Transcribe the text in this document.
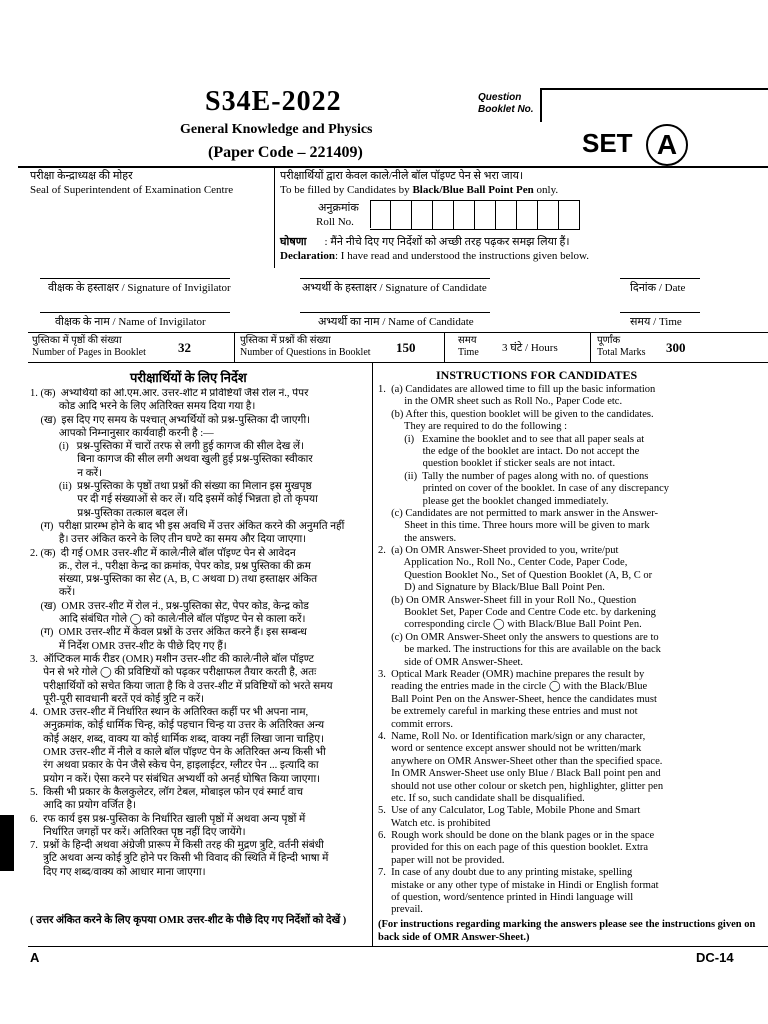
S34E-2022
General Knowledge and Physics
(Paper Code – 221409)
Question
Booklet No.
SET A
परीक्षा केन्द्राध्यक्ष की मोहर
Seal of Superintendent of Examination Centre
परीक्षार्थियों द्वारा केवल काले/नीले बॉल पॉइण्ट पेन से भरा जाय।
To be filled by Candidates by Black/Blue Ball Point Pen only.
अनुक्रमांक
Roll No.
घोषणा : मैंने नीचे दिए गए निर्देशों को अच्छी तरह पढ़कर समझ लिया हैं।
Declaration: I have read and understood the instructions given below.
वीक्षक के हस्ताक्षर / Signature of Invigilator	अभ्यर्थी के हस्ताक्षर / Signature of Candidate	दिनांक / Date
वीक्षक के नाम / Name of Invigilator	अभ्यर्थी का नाम / Name of Candidate	समय / Time
पुस्तिका में पृष्ठों की संख्या
Number of Pages in Booklet 32	पुस्तिका में प्रश्नों की संख्या
Number of Questions in Booklet 150	समय
Time 3 घंटे / Hours
पूर्णांक
Total Marks 300
परीक्षार्थियों के लिए निर्देश
1. (क)  अभ्यर्थियों को ओ.एम.आर. उत्तर-शीट में प्रविष्टियाँ जैसे रोल नं., पेपर
कोड आदि भरने के लिए अतिरिक्त समय दिया गया है।
(ख)  इस दिए गए समय के पश्चात् अभ्यर्थियों को प्रश्न-पुस्तिका दी जाएगी।
आपको निम्नानुसार कार्यवाही करनी है :—
(i)   प्रश्न-पुस्तिका में चारों तरफ से लगी हुई कागज की सील देख लें।
बिना कागज की सील लगी अथवा खुली हुई प्रश्न-पुस्तिका स्वीकार
न करें।
(ii)  प्रश्न-पुस्तिका के पृष्ठों तथा प्रश्नों की संख्या का मिलान इस मुखपृष्ठ
पर दी गई संख्याओं से कर लें। यदि इसमें कोई भिन्नता हो तो कृपया
प्रश्न-पुस्तिका तत्काल बदल लें।
(ग)  परीक्षा प्रारम्भ होने के बाद भी इस अवधि में उत्तर अंकित करने की अनुमति नहीं
है। उत्तर अंकित करने के लिए तीन घण्टे का समय और दिया जाएगा।
2. (क)  दी गई OMR उत्तर-शीट में काले/नीले बॉल पॉइण्ट पेन से आवेदन
क्र., रोल नं., परीक्षा केन्द्र का क्रमांक, पेपर कोड, प्रश्न पुस्तिका की क्रम
संख्या, प्रश्न-पुस्तिका का सेट (A, B, C अथवा D) तथा हस्ताक्षर अंकित
करें।
(ख)  OMR उत्तर-शीट में रोल नं., प्रश्न-पुस्तिका सेट, पेपर कोड, केन्द्र कोड
आदि संबंधित गोले ◯ को काले/नीले बॉल पॉइण्ट पेन से काला करें।
(ग)  OMR उत्तर-शीट में केवल प्रश्नों के उत्तर अंकित करने हैं। इस सम्बन्ध
में निर्देश OMR उत्तर-शीट के पीछे दिए गए हैं।
3.  ऑप्टिकल मार्क रीडर (OMR) मशीन उत्तर-शीट की काले/नीले बॉल पॉइण्ट
पेन से भरे गोले ◯ की प्रविष्टियों को पढ़कर परीक्षाफल तैयार करती है, अतः
परीक्षार्थियों को सचेत किया जाता है कि वे उत्तर-शीट में प्रविष्टियों को भरते समय
पूरी-पूरी सावधानी बरतें एवं कोई त्रुटि न करें।
4.  OMR उत्तर-शीट में निर्धारित स्थान के अतिरिक्त कहीं पर भी अपना नाम,
अनुक्रमांक, कोई धार्मिक चिन्ह, कोई पहचान चिन्ह या उत्तर के अतिरिक्त अन्य
कोई अक्षर, शब्द, वाक्य या कोई धार्मिक शब्द, वाक्य नहीं लिखा जाना चाहिए।
OMR उत्तर-शीट में नीले व काले बॉल पॉइण्ट पेन के अतिरिक्त अन्य किसी भी
रंग अथवा प्रकार के पेन जैसे स्केच पेन, हाइलाईटर, ग्लीटर पेन ... इत्यादि का
प्रयोग न करें। ऐसा करने पर संबंधित अभ्यर्थी को अनर्ह घोषित किया जाएगा।
5.  किसी भी प्रकार के कैलकुलेटर, लॉग टेबल, मोबाइल फोन एवं स्मार्ट वाच
आदि का प्रयोग वर्जित है।
6.  रफ कार्य इस प्रश्न-पुस्तिका के निर्धारित खाली पृष्ठों में अथवा अन्य पृष्ठों में
निर्धारित जगहों पर करें। अतिरिक्त पृष्ठ नहीं दिए जायेंगे।
7.  प्रश्नों के हिन्दी अथवा अंग्रेजी प्रारूप में किसी तरह की मुद्रण त्रुटि, वर्तनी संबंधी
त्रुटि अथवा अन्य कोई त्रुटि होने पर किसी भी विवाद की स्थिति में हिन्दी भाषा में
दिए गए शब्द/वाक्य को आधार माना जाएगा।
( उत्तर अंकित करने के लिए कृपया OMR उत्तर-शीट के पीछे दिए गए निर्देशों को देखें )
INSTRUCTIONS FOR CANDIDATES
1.  (a) Candidates are allowed time to fill up the basic information
in the OMR sheet such as Roll No., Paper Code etc.
(b) After this, question booklet will be given to the candidates.
They are required to do the following :
(i)   Examine the booklet and to see that all paper seals at
the edge of the booklet are intact. Do not accept the
question booklet if sticker seals are not intact.
(ii)  Tally the number of pages along with no. of questions
printed on cover of the booklet. In case of any discrepancy
please get the booklet changed immediately.
(c) Candidates are not permitted to mark answer in the Answer-
Sheet in this time. Three hours more will be given to mark
the answers.
2.  (a) On OMR Answer-Sheet provided to you, write/put
Application No., Roll No., Center Code, Paper Code,
Question Booklet No., Set of Question Booklet (A, B, C or
D) and Signature by Black/Blue Ball Point Pen.
(b) On OMR Answer-Sheet fill in your Roll No., Question
Booklet Set, Paper Code and Centre Code etc. by darkening
corresponding circle ◯ with Black/Blue Ball Point Pen.
(c) On OMR Answer-Sheet only the answers to questions are to
be marked. The instructions for this are available on the back
side of OMR Answer-Sheet.
3.  Optical Mark Reader (OMR) machine prepares the result by
reading the entries made in the circle ◯ with the Black/Blue
Ball Point Pen on the Answer-Sheet, hence the candidates must
be extremely careful in marking these entries and must not
commit errors.
4.  Name, Roll No. or Identification mark/sign or any character,
word or sentence except answer should not be written/mark
anywhere on OMR Answer-Sheet other than the specified space.
In OMR Answer-Sheet use only Blue / Black Ball point pen and
should not use other colour or sketch pen, highlighter, glitter pen
etc. If so, such candidate shall be disqualified.
5.  Use of any Calculator, Log Table, Mobile Phone and Smart
Watch etc. is prohibited
6.  Rough work should be done on the blank pages or in the space
provided for this on each page of this question booklet. Extra
paper will not be provided.
7.  In case of any doubt due to any printing mistake, spelling
mistake or any other type of mistake in Hindi or English format
of question, word/sentence printed in Hindi language will
prevail.
(For instructions regarding marking the answers please see the instructions given on back side of OMR Answer-Sheet.)
A	DC-14
